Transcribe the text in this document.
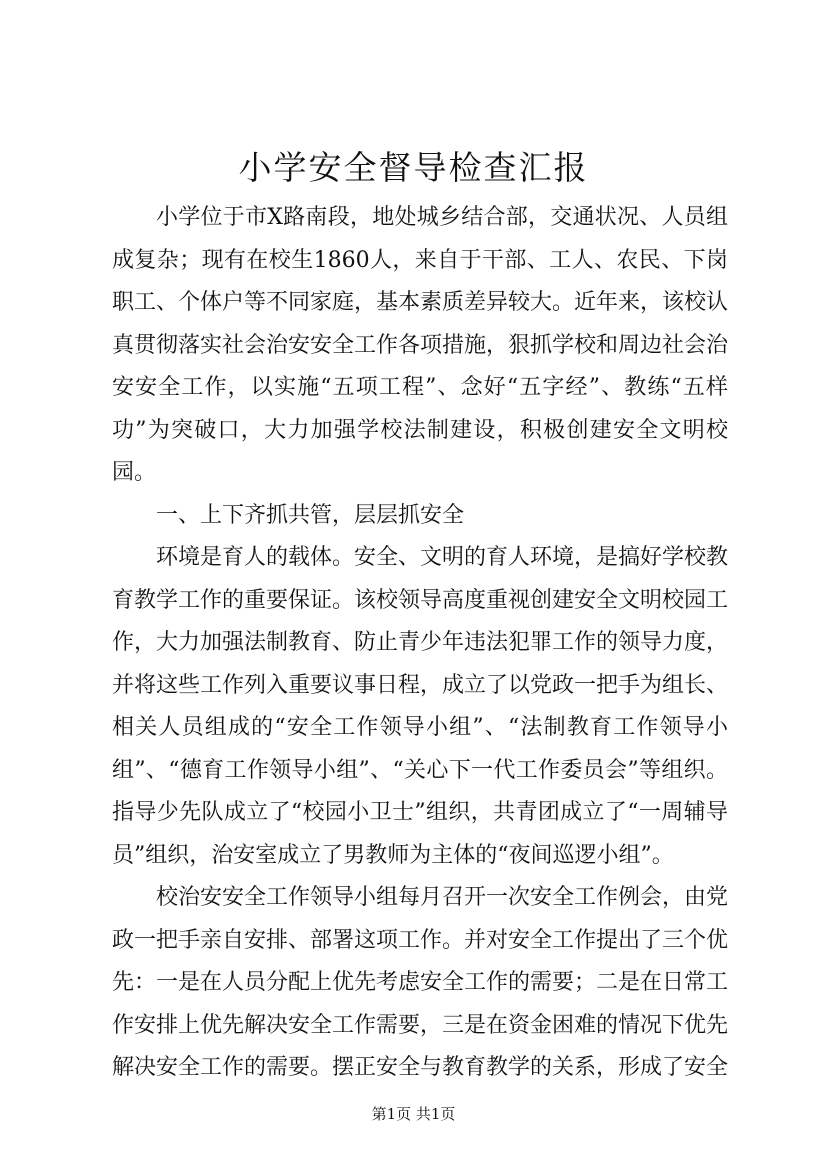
小学安全督导检查汇报

小学位于市X路南段，地处城乡结合部，交通状况、人员组成复杂；现有在校生1860人，来自于干部、工人、农民、下岗职工、个体户等不同家庭，基本素质差异较大。近年来，该校认真贯彻落实社会治安安全工作各项措施，狠抓学校和周边社会治安安全工作，以实施“五项工程”、念好“五字经”、教练“五样功”为突破口，大力加强学校法制建设，积极创建安全文明校园。

一、上下齐抓共管，层层抓安全

环境是育人的载体。安全、文明的育人环境，是搞好学校教育教学工作的重要保证。该校领导高度重视创建安全文明校园工作，大力加强法制教育、防止青少年违法犯罪工作的领导力度，并将这些工作列入重要议事日程，成立了以党政一把手为组长、相关人员组成的“安全工作领导小组”、“法制教育工作领导小组”、“德育工作领导小组”、“关心下一代工作委员会”等组织。指导少先队成立了“校园小卫士”组织，共青团成立了“一周辅导员”组织，治安室成立了男教师为主体的“夜间巡逻小组”。

校治安安全工作领导小组每月召开一次安全工作例会，由党政一把手亲自安排、部署这项工作。并对安全工作提出了三个优先：一是在人员分配上优先考虑安全工作的需要；二是在日常工作安排上优先解决安全工作需要，三是在资金困难的情况下优先解决安全工作的需要。摆正安全与教育教学的关系，形成了安全

第1页 共1页
